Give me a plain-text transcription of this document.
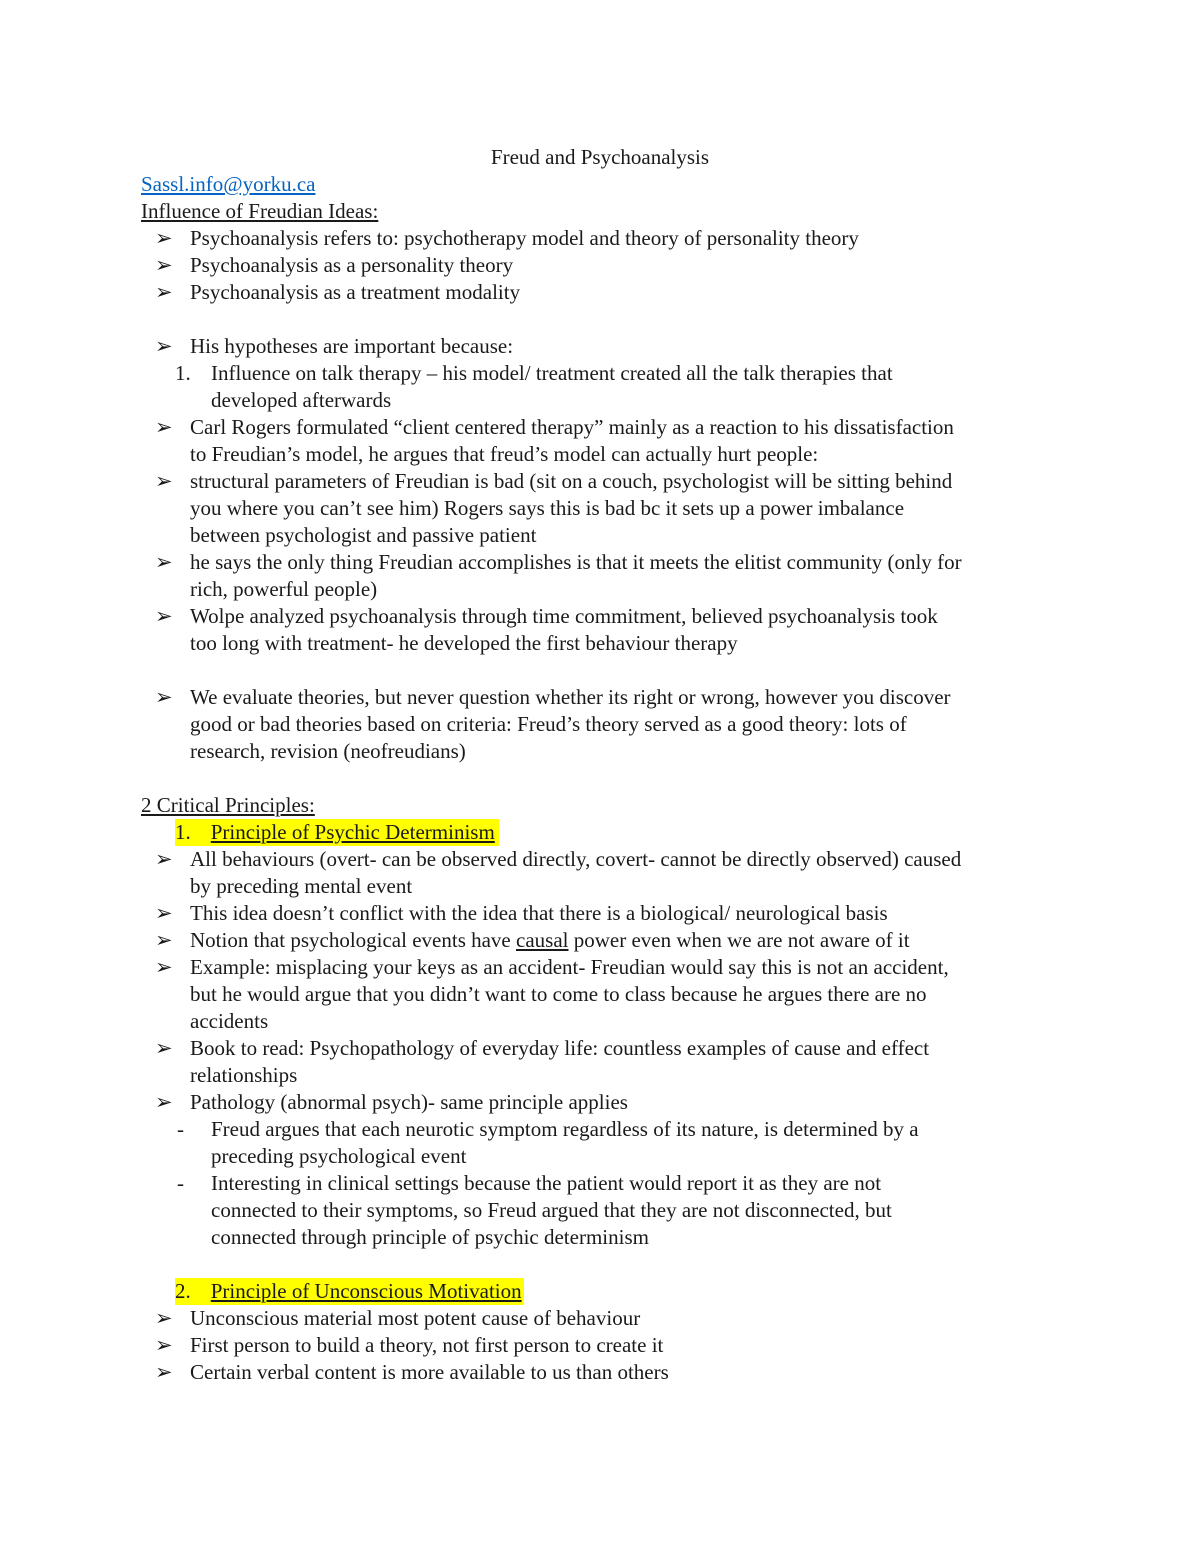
Freud and Psychoanalysis
Sassl.info@yorku.ca
Influence of Freudian Ideas:
➢ Psychoanalysis refers to: psychotherapy model and theory of personality theory
➢ Psychoanalysis as a personality theory
➢ Psychoanalysis as a treatment modality
➢ His hypotheses are important because:
1. Influence on talk therapy – his model/ treatment created all the talk therapies that
developed afterwards
➢ Carl Rogers formulated “client centered therapy” mainly as a reaction to his dissatisfaction
to Freudian’s model, he argues that freud’s model can actually hurt people:
➢ structural parameters of Freudian is bad (sit on a couch, psychologist will be sitting behind
you where you can’t see him) Rogers says this is bad bc it sets up a power imbalance
between psychologist and passive patient
➢ he says the only thing Freudian accomplishes is that it meets the elitist community (only for
rich, powerful people)
➢ Wolpe analyzed psychoanalysis through time commitment, believed psychoanalysis took
too long with treatment- he developed the first behaviour therapy
➢ We evaluate theories, but never question whether its right or wrong, however you discover
good or bad theories based on criteria: Freud’s theory served as a good theory: lots of
research, revision (neofreudians)
2 Critical Principles:
1. Principle of Psychic Determinism
➢ All behaviours (overt- can be observed directly, covert- cannot be directly observed) caused
by preceding mental event
➢ This idea doesn’t conflict with the idea that there is a biological/ neurological basis
➢ Notion that psychological events have causal power even when we are not aware of it
➢ Example: misplacing your keys as an accident- Freudian would say this is not an accident,
but he would argue that you didn’t want to come to class because he argues there are no
accidents
➢ Book to read: Psychopathology of everyday life: countless examples of cause and effect
relationships
➢ Pathology (abnormal psych)- same principle applies
- Freud argues that each neurotic symptom regardless of its nature, is determined by a
preceding psychological event
- Interesting in clinical settings because the patient would report it as they are not
connected to their symptoms, so Freud argued that they are not disconnected, but
connected through principle of psychic determinism
2. Principle of Unconscious Motivation
➢ Unconscious material most potent cause of behaviour
➢ First person to build a theory, not first person to create it
➢ Certain verbal content is more available to us than others
